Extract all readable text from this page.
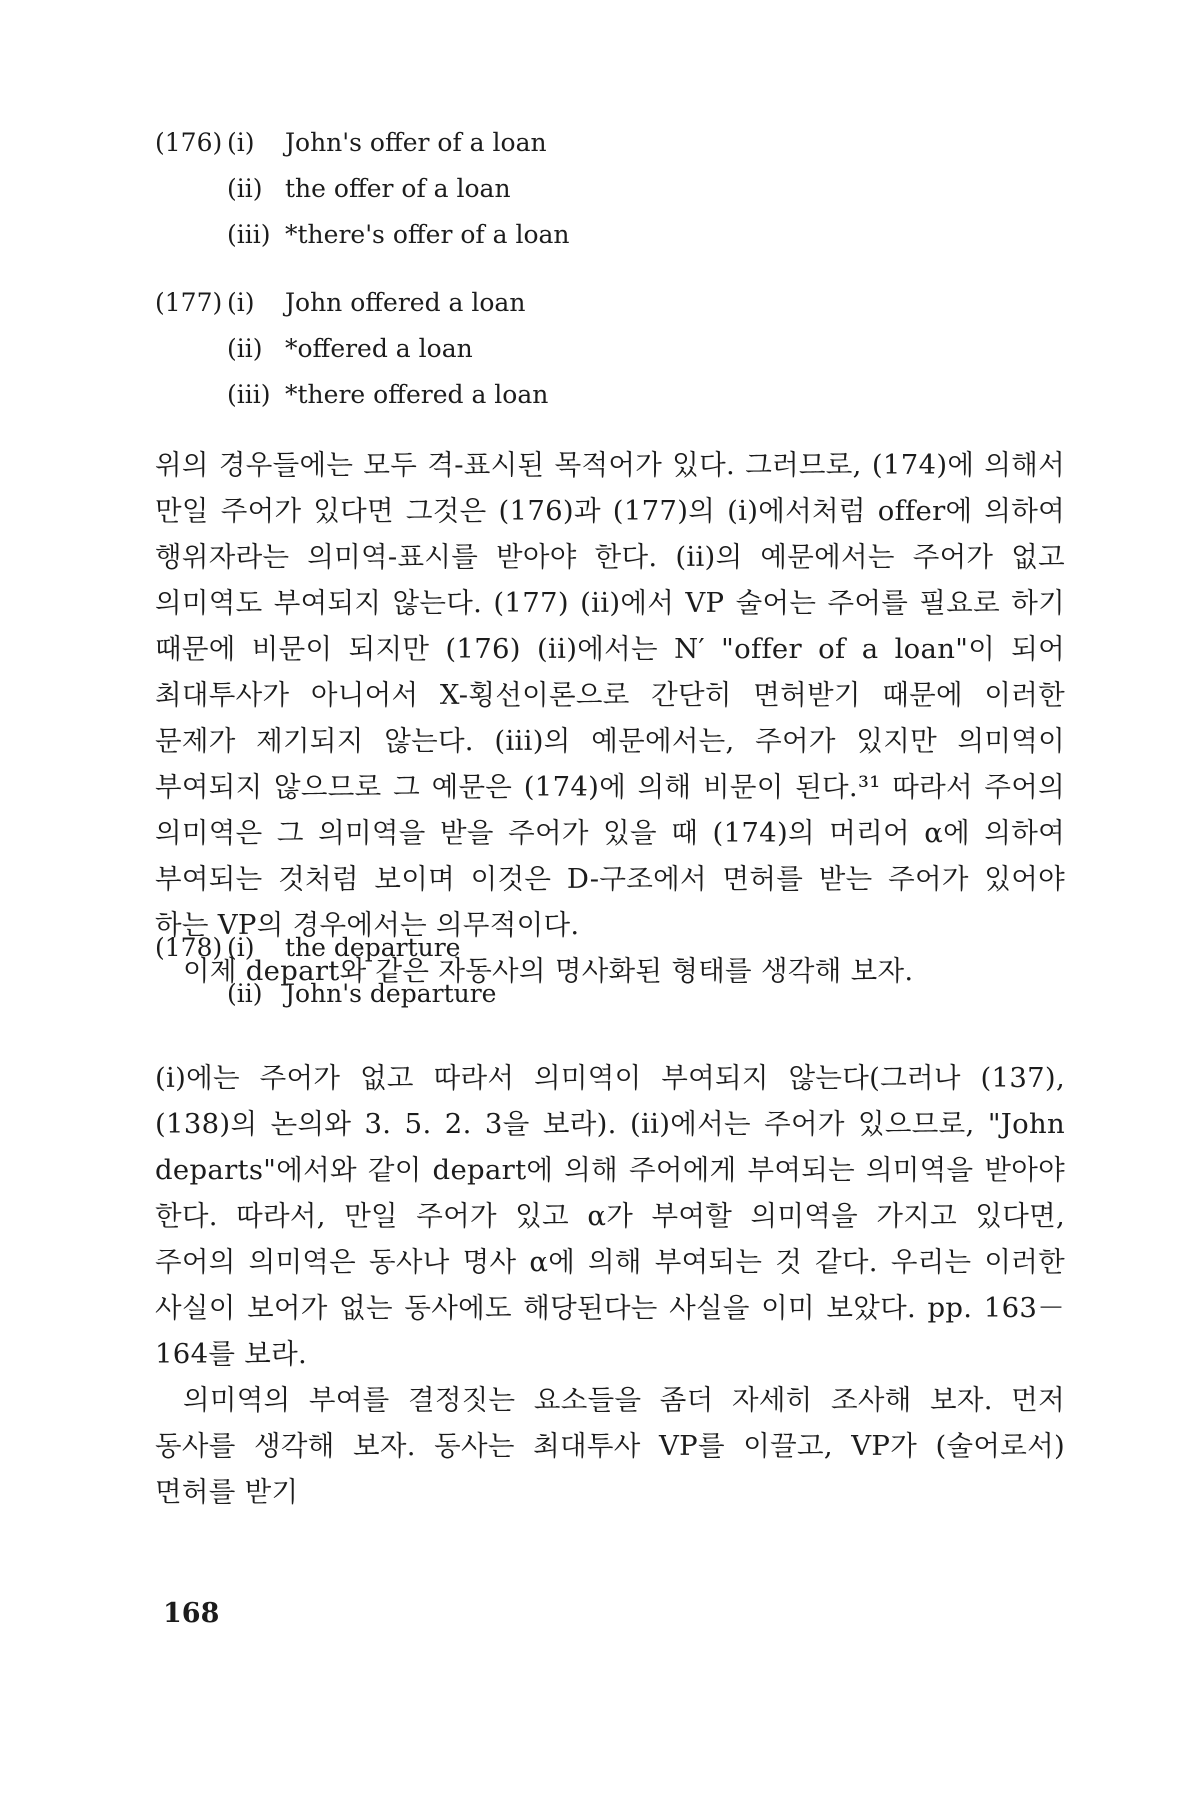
(176) (i)	John's offer of a loan
(ii) the offer of a loan
(iii) *there's offer of a loan
(177) (i)	John offered a loan
(ii) *offered a loan
(iii) *there offered a loan

위의 경우들에는 모두 격-표시된 목적어가 있다. 그러므로, (174)에 의해서 만일 주어가 있다면 그것은 (176)과 (177)의 (i)에서처럼 offer에 의하여 행위자라는 의미역-표시를 받아야 한다. (ii)의 예문에서는 주어가 없고 의미역도 부여되지 않는다. (177) (ii)에서 VP 술어는 주어를 필요로 하기 때문에 비문이 되지만 (176) (ii)에서는 N′ "offer of a loan"이 되어 최대투사가 아니어서 X-횡선이론으로 간단히 면허받기 때문에 이러한 문제가 제기되지 않는다. (iii)의 예문에서는, 주어가 있지만 의미역이 부여되지 않으므로 그 예문은 (174)에 의해 비문이 된다.³¹ 따라서 주어의 의미역은 그 의미역을 받을 주어가 있을 때 (174)의 머리어 α에 의하여 부여되는 것처럼 보이며 이것은 D-구조에서 면허를 받는 주어가 있어야 하는 VP의 경우에서는 의무적이다.

이제 depart와 같은 자동사의 명사화된 형태를 생각해 보자.

(178) (i)	the departure
(ii) John's departure

(i)에는 주어가 없고 따라서 의미역이 부여되지 않는다(그러나 (137), (138)의 논의와 3. 5. 2. 3을 보라). (ii)에서는 주어가 있으므로, "John departs"에서와 같이 depart에 의해 주어에게 부여되는 의미역을 받아야 한다. 따라서, 만일 주어가 있고 α가 부여할 의미역을 가지고 있다면, 주어의 의미역은 동사나 명사 α에 의해 부여되는 것 같다. 우리는 이러한 사실이 보어가 없는 동사에도 해당된다는 사실을 이미 보았다. pp. 163－164를 보라.

의미역의 부여를 결정짓는 요소들을 좀더 자세히 조사해 보자. 먼저 동사를 생각해 보자. 동사는 최대투사 VP를 이끌고, VP가 (술어로서) 면허를 받기

168
